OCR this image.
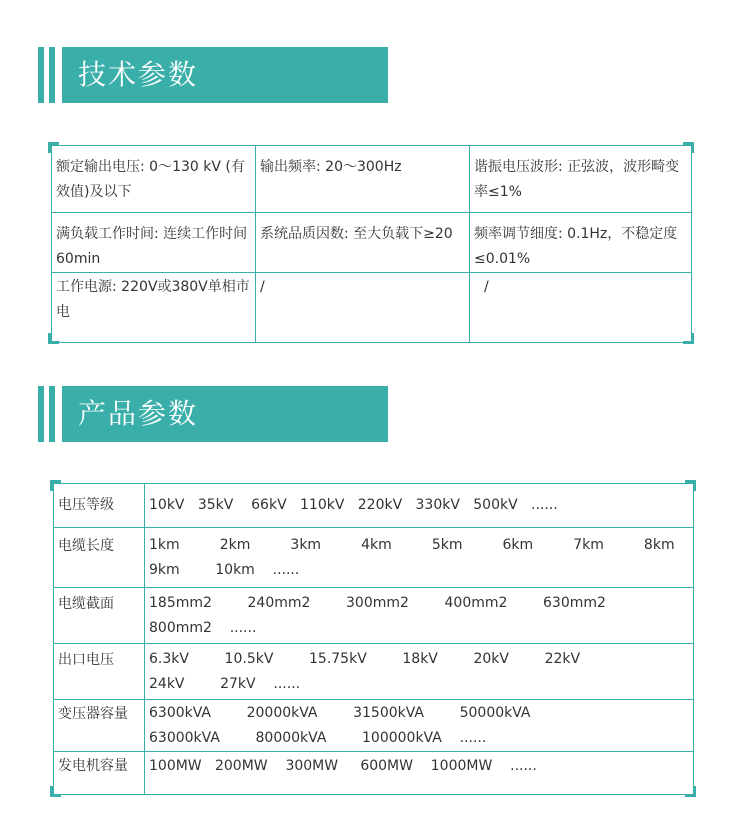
技术参数
额定输出电压: 0～130 kV (有效值)及以下	输出频率: 20～300Hz	谐振电压波形: 正弦波，波形畸变率≤1%
满负载工作时间: 连续工作时间60min	系统品质因数: 至大负载下≥20	频率调节细度: 0.1Hz，不稳定度≤0.01%
工作电源: 220V或380V单相市电	/	/
产品参数
电压等级	10kV   35kV    66kV   110kV   220kV   330kV   500kV   ......

电缆长度	1km         2km         3km         4km         5km         6km         7km         8km
9km        10km    ......

电缆截面	185mm2        240mm2        300mm2        400mm2        630mm2
800mm2    ......

出口电压	6.3kV        10.5kV        15.75kV        18kV        20kV        22kV
24kV        27kV    ......

变压器容量	6300kVA        20000kVA        31500kVA        50000kVA
63000kVA        80000kVA        100000kVA    ......

发电机容量	100MW   200MW    300MW     600MW    1000MW    ......
